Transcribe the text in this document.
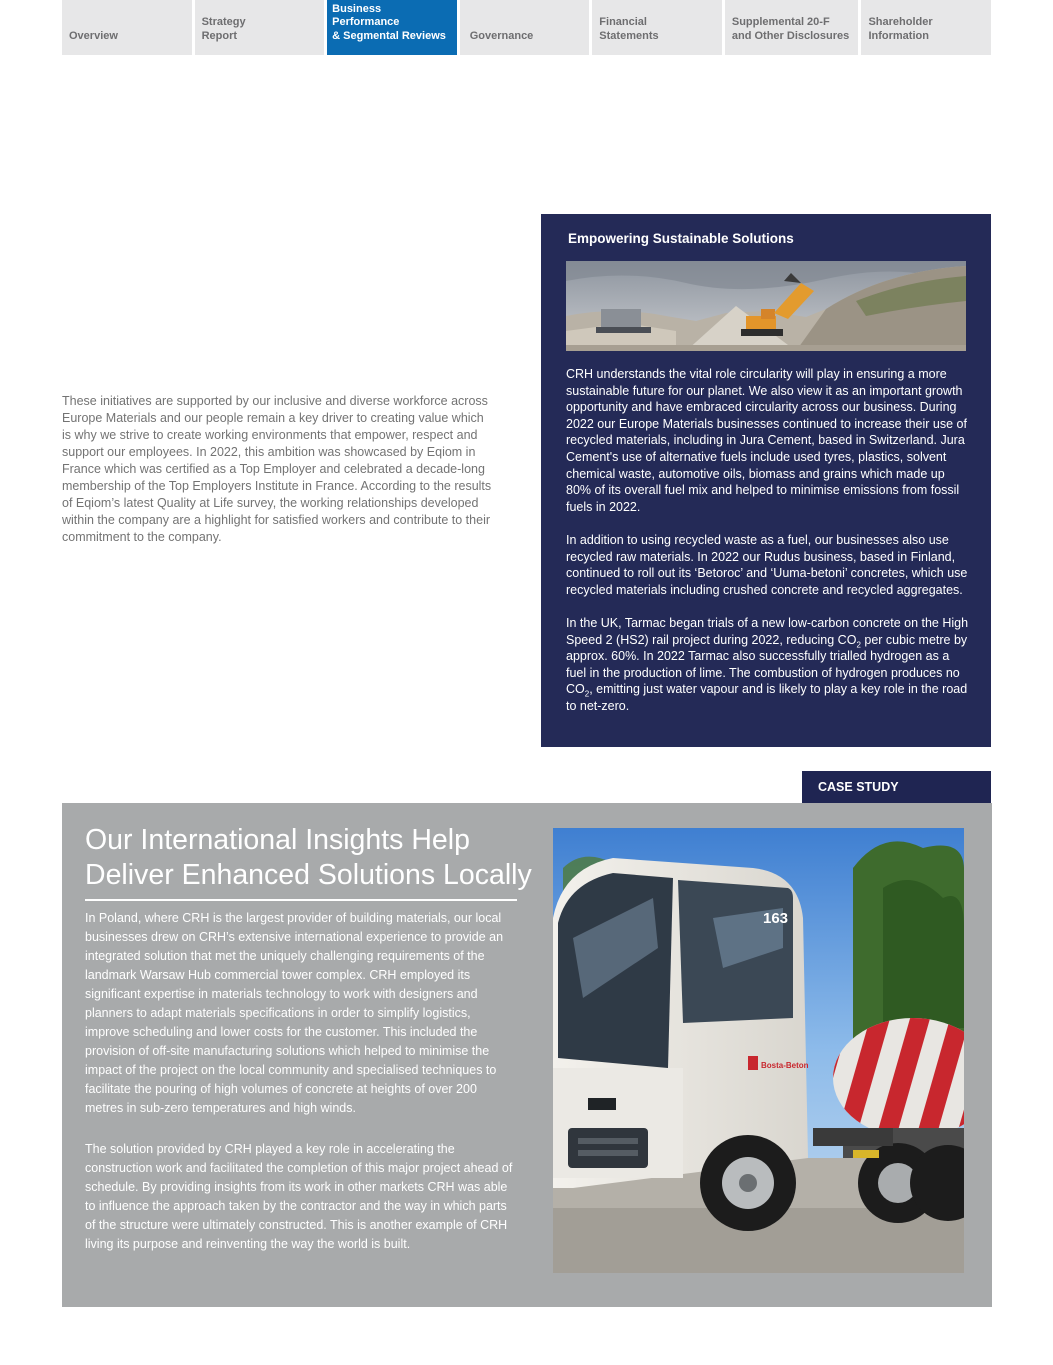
Overview
Strategy
Report
Business Performance
& Segmental Reviews	Governance
Financial
Statements
Supplemental 20-F
and Other Disclosures
Shareholder
Information

These initiatives are supported by our inclusive and diverse workforce across Europe Materials and our people remain a key driver to creating value which is why we strive to create working environments that empower, respect and support our employees. In 2022, this ambition was showcased by Eqiom in France which was certified as a Top Employer and celebrated a decade-long membership of the Top Employers Institute in France. According to the results of Eqiom’s latest Quality at Life survey, the working relationships developed within the company are a highlight for satisfied workers and contribute to their commitment to the company.

Empowering Sustainable Solutions

CRH understands the vital role circularity will play in ensuring a more sustainable future for our planet. We also view it as an important growth opportunity and have embraced circularity across our business. During 2022 our Europe Materials businesses continued to increase their use of recycled materials, including in Jura Cement, based in Switzerland. Jura Cement's use of alternative fuels include used tyres, plastics, solvent chemical waste, automotive oils, biomass and grains which made up 80% of its overall fuel mix and helped to minimise emissions from fossil fuels in 2022.

In addition to using recycled waste as a fuel, our businesses also use recycled raw materials. In 2022 our Rudus business, based in Finland, continued to roll out its ‘Betoroc’ and ‘Uuma-betoni’ concretes, which use recycled materials including crushed concrete and recycled aggregates.

In the UK, Tarmac began trials of a new low-carbon concrete on the High Speed 2 (HS2) rail project during 2022, reducing $CO_2$ per cubic metre by approx. 60%. In 2022 Tarmac also successfully trialled hydrogen as a fuel in the production of lime. The combustion of hydrogen produces no $CO_2$, emitting just water vapour and is likely to play a key role in the road to net-zero.

CASE STUDY
Our International Insights Help Deliver Enhanced Solutions Locally

In Poland, where CRH is the largest provider of building materials, our local businesses drew on CRH’s extensive international experience to provide an integrated solution that met the uniquely challenging requirements of the landmark Warsaw Hub commercial tower complex. CRH employed its significant expertise in materials technology to work with designers and planners to adapt materials specifications in order to simplify logistics, improve scheduling and lower costs for the customer. This included the provision of off-site manufacturing solutions which helped to minimise the impact of the project on the local community and specialised techniques to facilitate the pouring of high volumes of concrete at heights of over 200 metres in sub-zero temperatures and high winds.

The solution provided by CRH played a key role in accelerating the construction work and facilitated the completion of this major project ahead of schedule. By providing insights from its work in other markets CRH was able to influence the approach taken by the contractor and the way in which parts of the structure were ultimately constructed. This is another example of CRH living its purpose and reinventing the way the world is built.

163
Bosta-Beton
